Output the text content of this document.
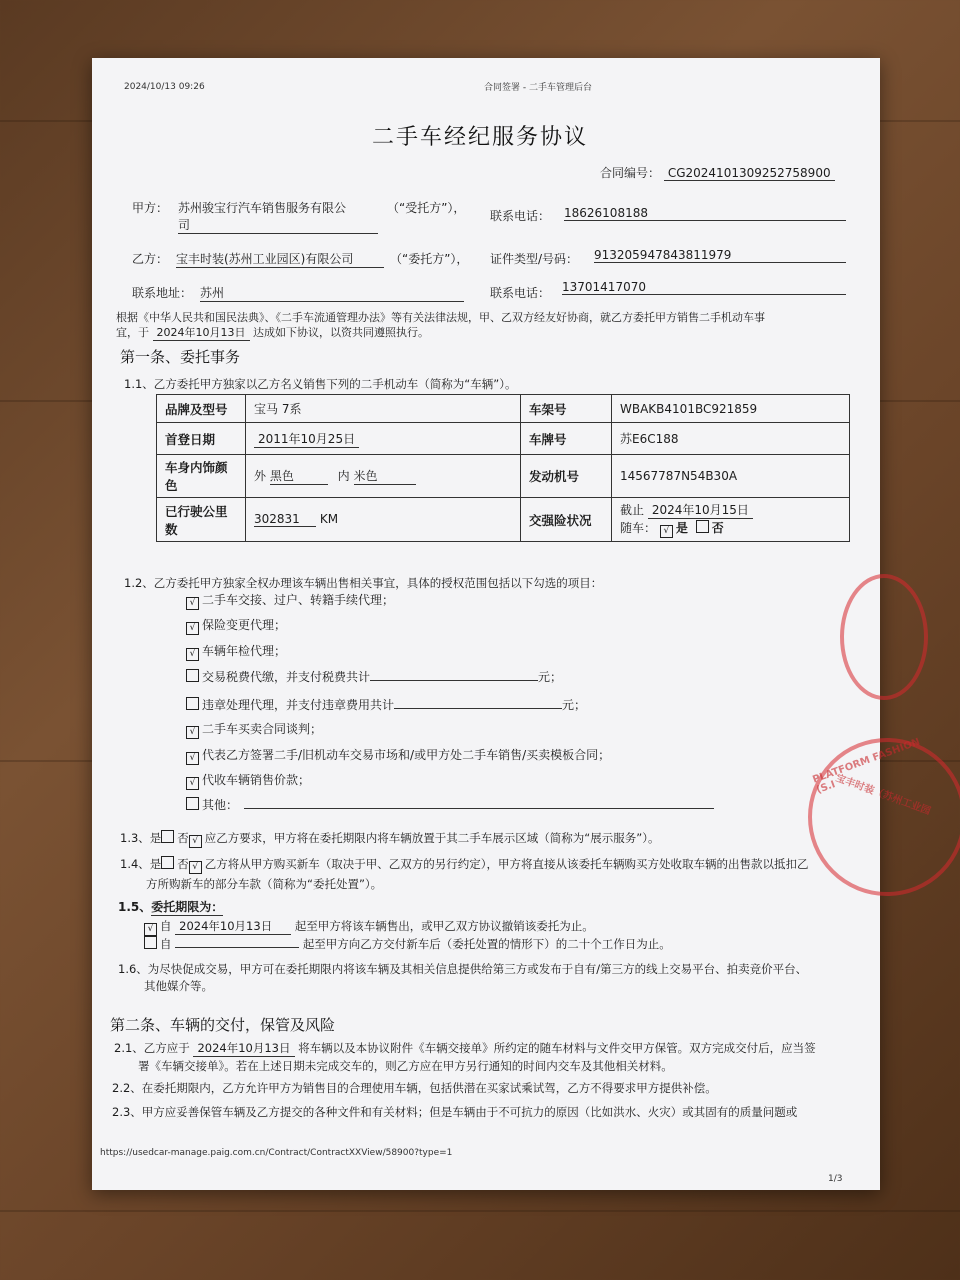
2024/10/13 09:26	合同签署 - 二手车管理后台
二手车经纪服务协议
合同编号： CG2024101309252758900
甲方： 苏州骏宝行汽车销售服务有限公
司
（“受托方”），
联系电话： 18626108188
乙方： 宝丰时装(苏州工业园区)有限公司	（“委托方”）， 证件类型/号码： 913205947843811979
联系地址： 苏州	联系电话： 13701417070
根据《中华人民共和国民法典》、《二手车流通管理办法》等有关法律法规，甲、乙双方经友好协商，就乙方委托甲方销售二手机动车事
宜，于 2024年10月13日 达成如下协议，以资共同遵照执行。
第一条、委托事务
1.1、乙方委托甲方独家以乙方名义销售下列的二手机动车（简称为“车辆”）。
品牌及型号	宝马 7系	车架号	WBAKB4101BC921859
首登日期	2011年10月25日	车牌号	苏E6C188
车身内饰颜色	外 黑色 内 米色	发动机号	14567787N54B30A
已行驶公里数	302831 KM	交强险状况	截止 2024年10月15日
随车： √ 是 否
1.2、乙方委托甲方独家全权办理该车辆出售相关事宜，具体的授权范围包括以下勾选的项目：
√ 二手车交接、过户、转籍手续代理；
√ 保险变更代理；
√ 车辆年检代理；
交易税费代缴，并支付税费共计	元；
违章处理代理，并支付违章费用共计	元；
√ 二手车买卖合同谈判；
√ 代表乙方签署二手/旧机动车交易市场和/或甲方处二手车销售/买卖模板合同；
√ 代收车辆销售价款；
其他：
1.3、是 否 √ 应乙方要求，甲方将在委托期限内将车辆放置于其二手车展示区域（简称为“展示服务”）。
1.4、是 否 √ 乙方将从甲方购买新车（取决于甲、乙双方的另行约定），甲方将直接从该委托车辆购买方处收取车辆的出售款以抵扣乙
方所购新车的部分车款（简称为“委托处置”）。
1.5、委托期限为：
√ 自 2024年10月13日 起至甲方将该车辆售出，或甲乙双方协议撤销该委托为止。
自	起至甲方向乙方交付新车后（委托处置的情形下）的二十个工作日为止。
1.6、为尽快促成交易，甲方可在委托期限内将该车辆及其相关信息提供给第三方或发布于自有/第三方的线上交易平台、拍卖竞价平台、
其他媒介等。
第二条、车辆的交付，保管及风险
2.1、乙方应于 2024年10月13日 将车辆以及本协议附件《车辆交接单》所约定的随车材料与文件交甲方保管。双方完成交付后，应当签
署《车辆交接单》。若在上述日期未完成交车的，则乙方应在甲方另行通知的时间内交车及其他相关材料。
2.2、在委托期限内，乙方允许甲方为销售目的合理使用车辆，包括供潜在买家试乘试驾，乙方不得要求甲方提供补偿。
2.3、甲方应妥善保管车辆及乙方提交的各种文件和有关材料；但是车辆由于不可抗力的原因（比如洪水、火灾）或其固有的质量问题或
https://usedcar-manage.paig.com.cn/Contract/ContractXXView/58900?type=1
1/3
PLATFORM FASHION (S.I
宝丰时装（苏州工业园
